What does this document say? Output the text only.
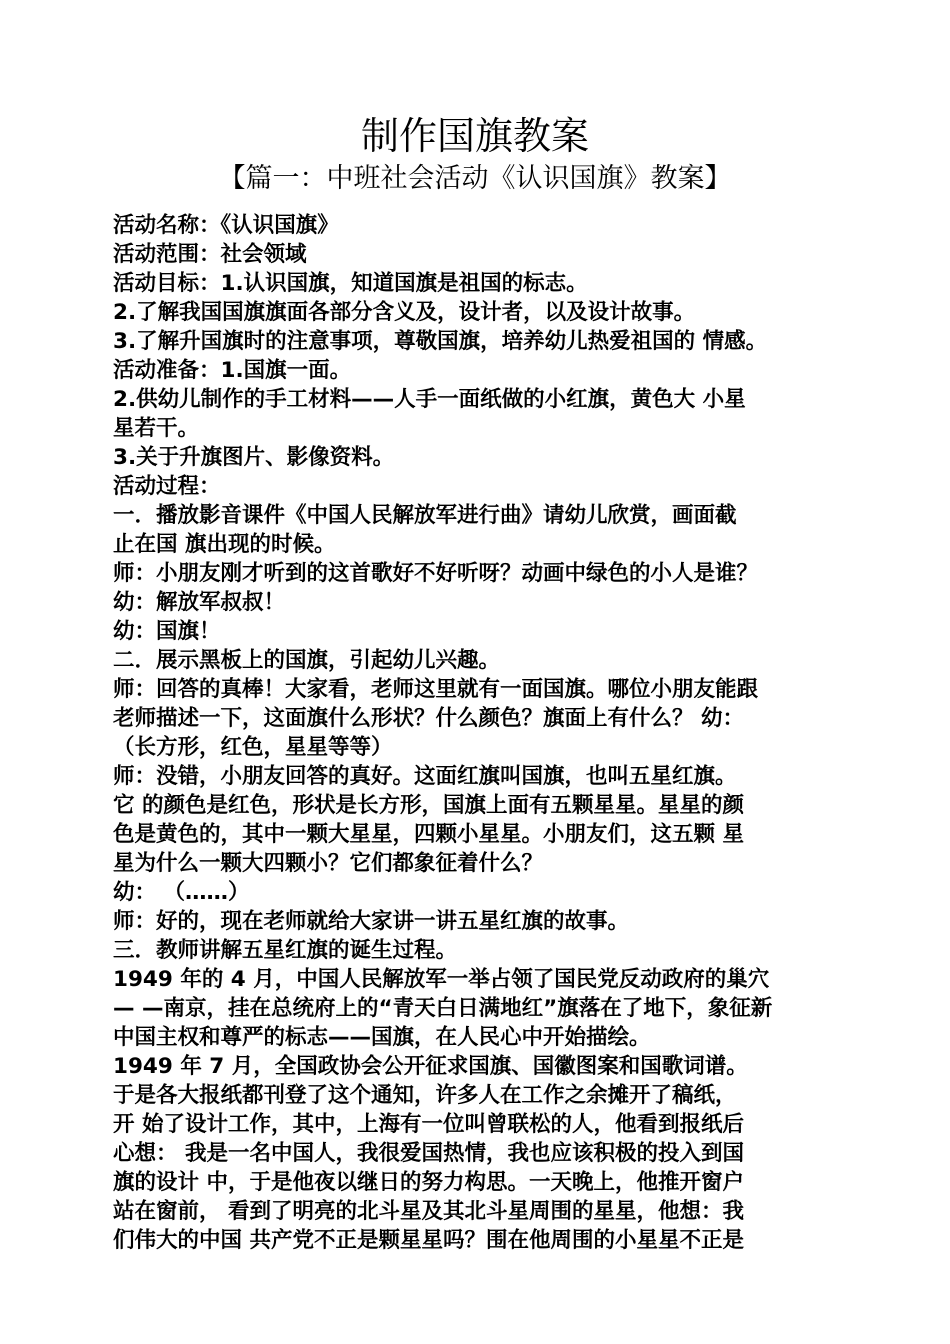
制作国旗教案
【篇一：中班社会活动《认识国旗》教案】
活动名称：《认识国旗》
活动范围：社会领域
活动目标：1.认识国旗，知道国旗是祖国的标志。
2.了解我国国旗旗面各部分含义及，设计者，以及设计故事。
3.了解升国旗时的注意事项，尊敬国旗，培养幼儿热爱祖国的 情感。
活动准备：1.国旗一面。
2.供幼儿制作的手工材料——人手一面纸做的小红旗，黄色大 小星
星若干。
3.关于升旗图片、影像资料。
活动过程：
一．播放影音课件《中国人民解放军进行曲》请幼儿欣赏，画面截
止在国 旗出现的时候。
师：小朋友刚才听到的这首歌好不好听呀？动画中绿色的小人是谁？
幼：解放军叔叔！
幼：国旗！
二．展示黑板上的国旗，引起幼儿兴趣。
师：回答的真棒！大家看，老师这里就有一面国旗。哪位小朋友能跟
老师描述一下，这面旗什么形状？什么颜色？旗面上有什么？ 幼：
（长方形，红色，星星等等）
师：没错，小朋友回答的真好。这面红旗叫国旗，也叫五星红旗。
它 的颜色是红色，形状是长方形，国旗上面有五颗星星。星星的颜
色是黄色的，其中一颗大星星，四颗小星星。小朋友们，这五颗 星
星为什么一颗大四颗小？它们都象征着什么？
幼： （……）
师：好的，现在老师就给大家讲一讲五星红旗的故事。
三．教师讲解五星红旗的诞生过程。
1949 年的 4 月，中国人民解放军一举占领了国民党反动政府的巢穴
— —南京，挂在总统府上的“青天白日满地红”旗落在了地下，象征新
中国主权和尊严的标志——国旗，在人民心中开始描绘。
1949 年 7 月，全国政协会公开征求国旗、国徽图案和国歌词谱。
于是各大报纸都刊登了这个通知，许多人在工作之余摊开了稿纸，
开 始了设计工作，其中，上海有一位叫曾联松的人，他看到报纸后
心想： 我是一名中国人，我很爱国热情，我也应该积极的投入到国
旗的设计 中，于是他夜以继日的努力构思。一天晚上，他推开窗户
站在窗前， 看到了明亮的北斗星及其北斗星周围的星星，他想：我
们伟大的中国 共产党不正是颗星星吗？围在他周围的小星星不正是
